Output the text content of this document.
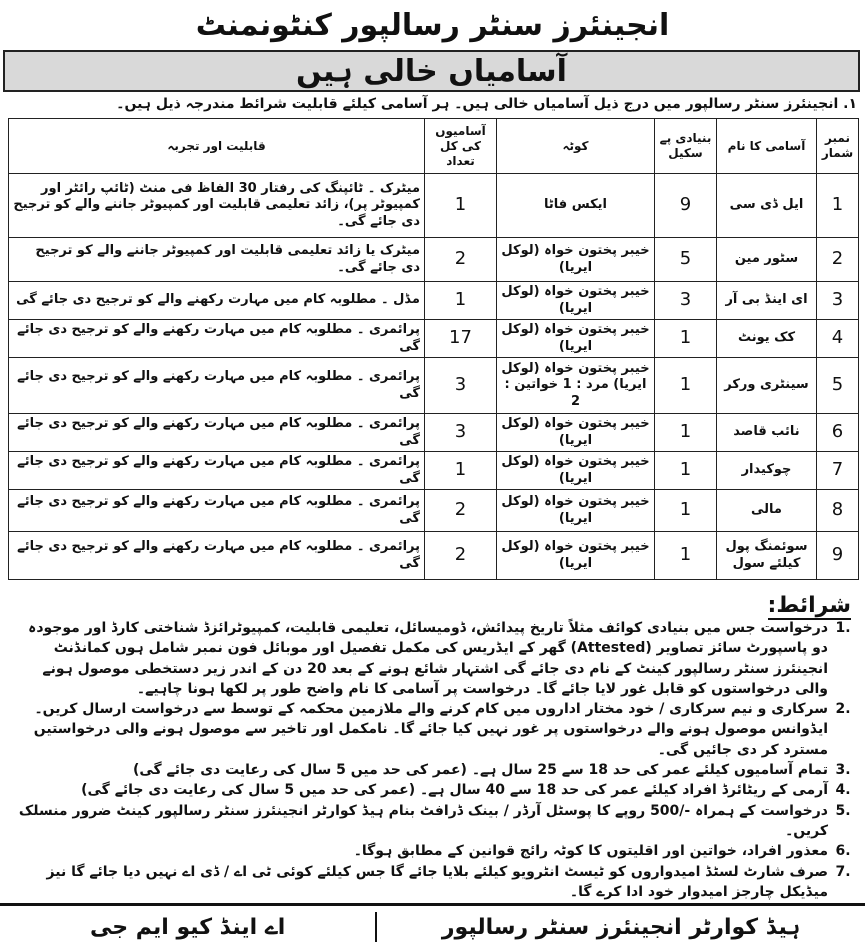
انجینئرز سنٹر رسالپور کنٹونمنٹ
آسامیاں خالی ہیں
۱. انجینئرز سنٹر رسالپور میں درج ذیل آسامیاں خالی ہیں۔ ہر آسامی کیلئے قابلیت شرائط مندرجہ ذیل ہیں۔
نمبر شمار	آسامی کا نام	بنیادی پے سکیل	کوٹہ	آسامیوں کی کل تعداد	قابلیت اور تجربہ
1	ایل ڈی سی	9	ایکس فاٹا	1	میٹرک ۔ ٹائپنگ کی رفتار 30 الفاظ فی منٹ (ٹائپ رائٹر اور کمپیوٹر پر)، زائد تعلیمی قابلیت اور کمپیوٹر جاننے والے کو ترجیح دی جائے گی۔
2	سٹور مین	5	خیبر پختون خواہ (لوکل ایریا)	2	میٹرک یا زائد تعلیمی قابلیت اور کمپیوٹر جاننے والے کو ترجیح دی جائے گی۔
3	ای اینڈ بی آر	3	خیبر پختون خواہ (لوکل ایریا)	1	مڈل ۔ مطلوبہ کام میں مہارت رکھنے والے کو ترجیح دی جائے گی
4	کک یونٹ	1	خیبر پختون خواہ (لوکل ایریا)	17	پرائمری ۔ مطلوبہ کام میں مہارت رکھنے والے کو ترجیح دی جائے گی
5	سینٹری ورکر	1	خیبر پختون خواہ (لوکل ایریا) مرد : 1 خواتین : 2	3	پرائمری ۔ مطلوبہ کام میں مہارت رکھنے والے کو ترجیح دی جائے گی
6	نائب قاصد	1	خیبر پختون خواہ (لوکل ایریا)	3	پرائمری ۔ مطلوبہ کام میں مہارت رکھنے والے کو ترجیح دی جائے گی
7	چوکیدار	1	خیبر پختون خواہ (لوکل ایریا)	1	پرائمری ۔ مطلوبہ کام میں مہارت رکھنے والے کو ترجیح دی جائے گی
8	مالی	1	خیبر پختون خواہ (لوکل ایریا)	2	پرائمری ۔ مطلوبہ کام میں مہارت رکھنے والے کو ترجیح دی جائے گی
9	سوئمنگ پول کیلئے سول	1	خیبر پختون خواہ (لوکل ایریا)	2	پرائمری ۔ مطلوبہ کام میں مہارت رکھنے والے کو ترجیح دی جائے گی
شرائط:
1.
درخواست جس میں بنیادی کوائف مثلاً تاریخ پیدائش، ڈومیسائل، تعلیمی قابلیت، کمپیوٹرائزڈ شناختی کارڈ اور موجودہ دو پاسپورٹ سائز تصاویر (Attested) گھر کے ایڈریس کی مکمل تفصیل اور موبائل فون نمبر شامل ہوں کمانڈنٹ انجینئرز سنٹر رسالپور کینٹ کے نام دی جائے گی اشتہار شائع ہونے کے بعد 20 دن کے اندر زیر دستخطی موصول ہونے والی درخواستوں کو قابل غور لایا جائے گا۔ درخواست پر آسامی کا نام واضح طور پر لکھا ہونا چاہیے۔
2.
سرکاری و نیم سرکاری / خود مختار اداروں میں کام کرنے والے ملازمین محکمہ کے توسط سے درخواست ارسال کریں۔ ایڈوانس موصول ہونے والے درخواستوں پر غور نہیں کیا جائے گا۔ نامکمل اور تاخیر سے موصول ہونے والی درخواستیں مسترد کر دی جائیں گی۔
3.
تمام آسامیوں کیلئے عمر کی حد 18 سے 25 سال ہے۔ (عمر کی حد میں 5 سال کی رعایت دی جائے گی)
4.
آرمی کے ریٹائرڈ افراد کیلئے عمر کی حد 18 سے 40 سال ہے۔ (عمر کی حد میں 5 سال کی رعایت دی جائے گی)
5.
درخواست کے ہمراہ -/500 روپے کا پوسٹل آرڈر / بینک ڈرافٹ بنام ہیڈ کوارٹر انجینئرز سنٹر رسالپور کینٹ ضرور منسلک کریں۔
6.
معذور افراد، خواتین اور اقلیتوں کا کوٹہ رائج قوانین کے مطابق ہوگا۔
7.
صرف شارٹ لسٹڈ امیدواروں کو ٹیسٹ انٹرویو کیلئے بلایا جائے گا جس کیلئے کوئی ٹی اے / ڈی اے نہیں دیا جائے گا نیز میڈیکل چارجز امیدوار خود ادا کرے گا۔
ہیڈ کوارٹر انجینئرز سنٹر رسالپور
اے اینڈ کیو ایم جی
